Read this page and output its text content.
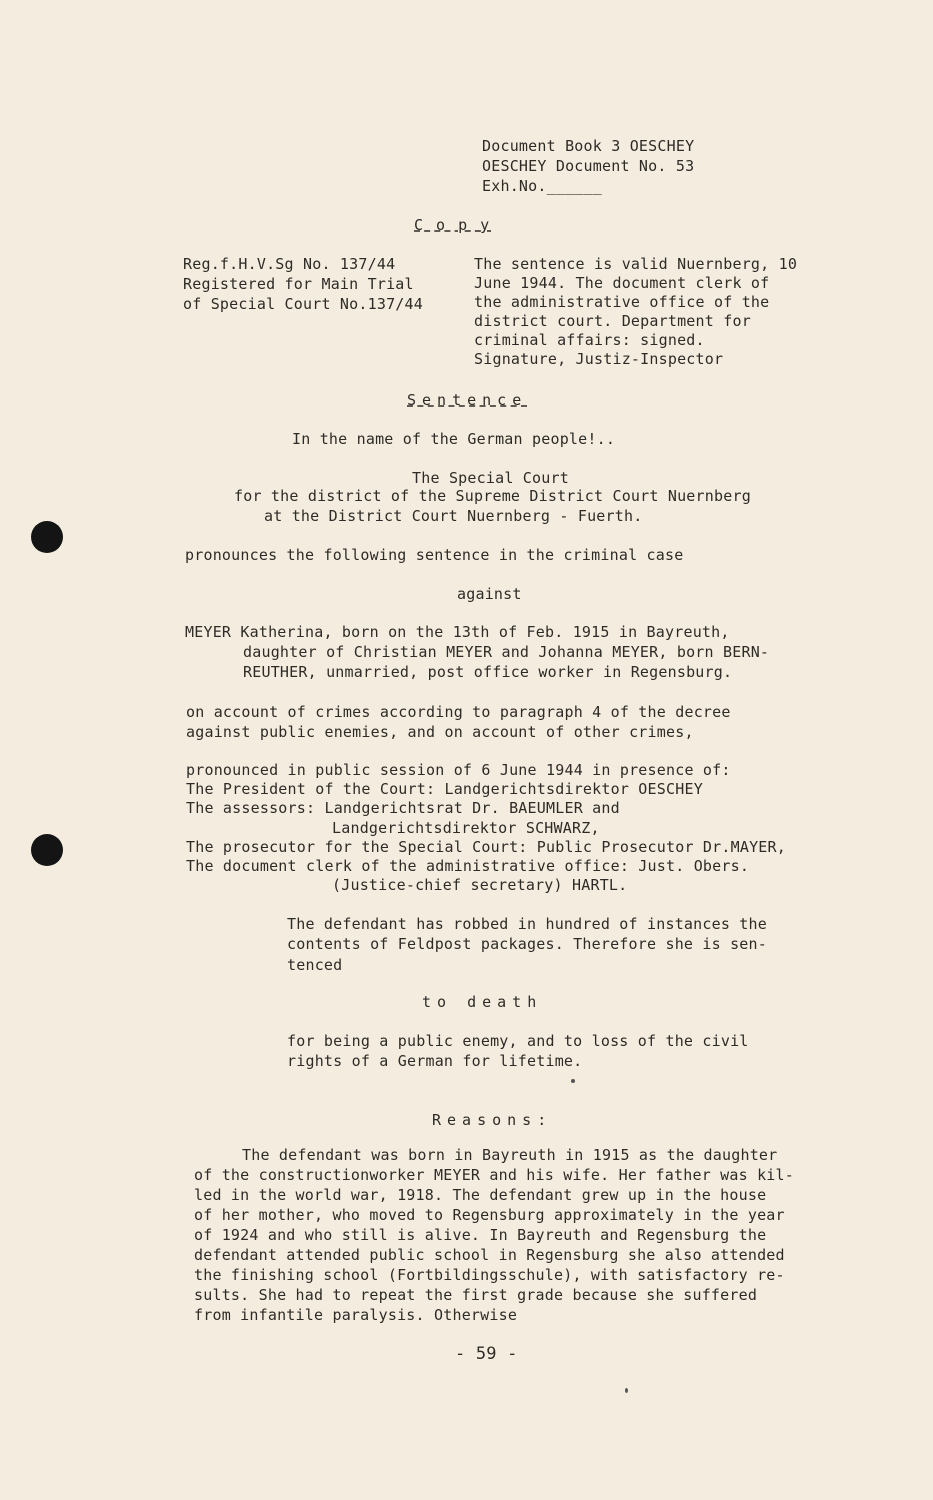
Document Book 3 OESCHEY
OESCHEY Document No. 53
Exh.No.______
C o p y
Reg.f.H.V.Sg No. 137/44
Registered for Main Trial
of Special Court No.137/44
The sentence is valid Nuernberg, 10
June 1944. The document clerk of
the administrative office of the
district court. Department for
criminal affairs: signed.
Signature, Justiz-Inspector
Sentence
In the name of the German people!..
The Special Court
for the district of the Supreme District Court Nuernberg
at the District Court Nuernberg - Fuerth.
pronounces the following sentence in the criminal case
against
MEYER Katherina, born on the 13th of Feb. 1915 in Bayreuth,
daughter of Christian MEYER and Johanna MEYER, born BERN-
REUTHER, unmarried, post office worker in Regensburg.
on account of crimes according to paragraph 4 of the decree
against public enemies, and on account of other crimes,
pronounced in public session of 6 June 1944 in presence of:
The President of the Court: Landgerichtsdirektor OESCHEY
The assessors: Landgerichtsrat Dr. BAEUMLER and
Landgerichtsdirektor SCHWARZ,
The prosecutor for the Special Court: Public Prosecutor Dr.MAYER,
The document clerk of the administrative office: Just. Obers.
(Justice-chief secretary) HARTL.
The defendant has robbed in hundred of instances the
contents of Feldpost packages. Therefore she is sen-
tenced
to death
for being a public enemy, and to loss of the civil
rights of a German for lifetime.
Reasons:
The defendant was born in Bayreuth in 1915 as the daughter
of the constructionworker MEYER and his wife. Her father was kil-
led in the world war, 1918. The defendant grew up in the house
of her mother, who moved to Regensburg approximately in the year
of 1924 and who still is alive. In Bayreuth and Regensburg the
defendant attended public school in Regensburg she also attended
the finishing school (Fortbildingsschule), with satisfactory re-
sults. She had to repeat the first grade because she suffered
from infantile paralysis. Otherwise
- 59 -
